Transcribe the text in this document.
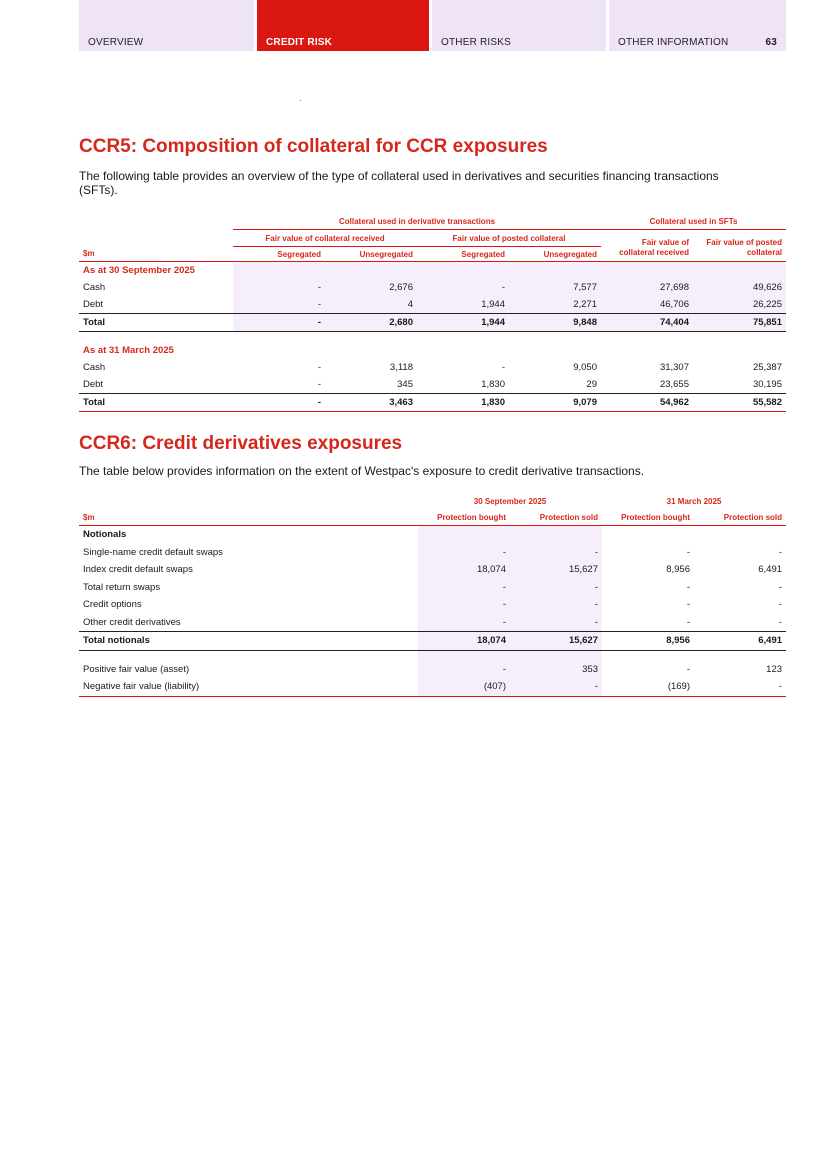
OVERVIEW	CREDIT RISK	OTHER RISKS	OTHER INFORMATION	63
CCR5: Composition of collateral for CCR exposures

The following table provides an overview of the type of collateral used in derivatives and securities financing transactions (SFTs).

	Collateral used in derivative transactions				Collateral used in SFTs	
	Fair value of collateral received		Fair value of posted collateral		Fair value of collateral received	Fair value of posted collateral
$m	Segregated	Unsegregated	Segregated	Unsegregated		
As at 30 September 2025						
Cash	-	2,676	-	7,577	27,698	49,626
Debt	-	4	1,944	2,271	46,706	26,225
Total	-	2,680	1,944	9,848	74,404	75,851

As at 31 March 2025						
Cash	-	3,118	-	9,050	31,307	25,387
Debt	-	345	1,830	29	23,655	30,195
Total	-	3,463	1,830	9,079	54,962	55,582
CCR6: Credit derivatives exposures

The table below provides information on the extent of Westpac's exposure to credit derivative transactions.

	30 September 2025		31 March 2025	
$m	Protection bought	Protection sold	Protection bought	Protection sold
Notionals				
Single-name credit default swaps	-	-	-	-
Index credit default swaps	18,074	15,627	8,956	6,491
Total return swaps	-	-	-	-
Credit options	-	-	-	-
Other credit derivatives	-	-	-	-
Total notionals	18,074	15,627	8,956	6,491

Positive fair value (asset)	-	353	-	123
Negative fair value (liability)	(407)	-	(169)	-
